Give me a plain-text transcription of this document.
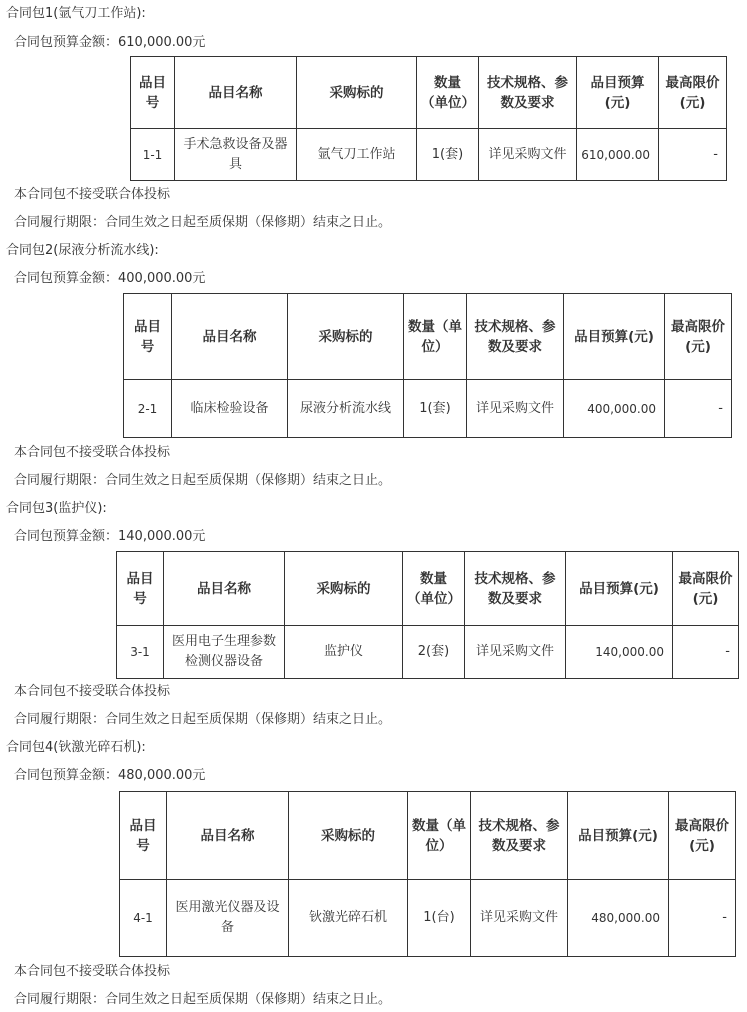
合同包1(氩气刀工作站):
合同包预算金额：610,000.00元
品目号	品目名称	采购标的	数量（单位）	技术规格、参数及要求	品目预算(元)	最高限价(元)
1-1	手术急救设备及器具	氩气刀工作站	1(套)	详见采购文件	610,000.00	-
本合同包不接受联合体投标
合同履行期限：合同生效之日起至质保期（保修期）结束之日止。
合同包2(尿液分析流水线):
合同包预算金额：400,000.00元
品目号	品目名称	采购标的	数量（单位）	技术规格、参数及要求	品目预算(元)	最高限价(元)
2-1	临床检验设备	尿液分析流水线	1(套)	详见采购文件	400,000.00	-
本合同包不接受联合体投标
合同履行期限：合同生效之日起至质保期（保修期）结束之日止。
合同包3(监护仪):
合同包预算金额：140,000.00元
品目号	品目名称	采购标的	数量（单位）	技术规格、参数及要求	品目预算(元)	最高限价(元)
3-1	医用电子生理参数检测仪器设备	监护仪	2(套)	详见采购文件	140,000.00	-
本合同包不接受联合体投标
合同履行期限：合同生效之日起至质保期（保修期）结束之日止。
合同包4(钬激光碎石机):
合同包预算金额：480,000.00元
品目号	品目名称	采购标的	数量（单位）	技术规格、参数及要求	品目预算(元)	最高限价(元)
4-1	医用激光仪器及设备	钬激光碎石机	1(台)	详见采购文件	480,000.00	-
本合同包不接受联合体投标
合同履行期限：合同生效之日起至质保期（保修期）结束之日止。
